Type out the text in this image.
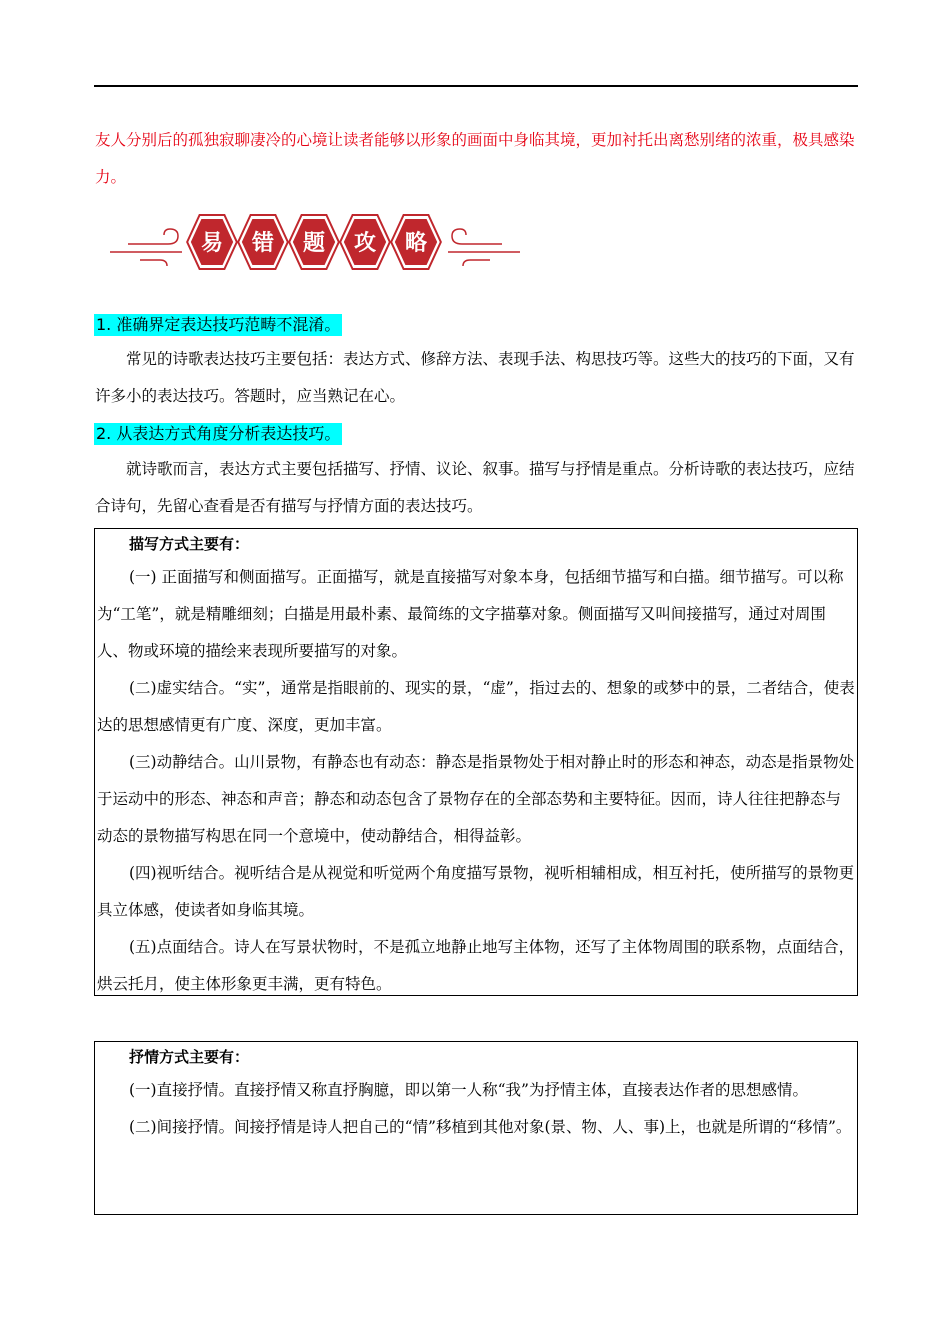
友人分别后的孤独寂聊凄冷的心境让读者能够以形象的画面中身临其境，更加衬托出离愁别绪的浓重，极具感染力。

易 错 题 攻 略
1. 准确界定表达技巧范畴不混淆。

常见的诗歌表达技巧主要包括：表达方式、修辞方法、表现手法、构思技巧等。这些大的技巧的下面，又有许多小的表达技巧。答题时，应当熟记在心。

2. 从表达方式角度分析表达技巧。

就诗歌而言，表达方式主要包括描写、抒情、议论、叙事。描写与抒情是重点。分析诗歌的表达技巧，应结合诗句，先留心查看是否有描写与抒情方面的表达技巧。

描写方式主要有：

(一) 正面描写和侧面描写。正面描写，就是直接描写对象本身，包括细节描写和白描。细节描写。可以称为“工笔”，就是精雕细刻；白描是用最朴素、最简练的文字描摹对象。侧面描写又叫间接描写，通过对周围人、物或环境的描绘来表现所要描写的对象。

(二)虚实结合。“实”，通常是指眼前的、现实的景，“虚”，指过去的、想象的或梦中的景，二者结合，使表达的思想感情更有广度、深度，更加丰富。

(三)动静结合。山川景物，有静态也有动态：静态是指景物处于相对静止时的形态和神态，动态是指景物处于运动中的形态、神态和声音；静态和动态包含了景物存在的全部态势和主要特征。因而，诗人往往把静态与动态的景物描写构思在同一个意境中，使动静结合，相得益彰。

(四)视听结合。视听结合是从视觉和听觉两个角度描写景物，视听相辅相成，相互衬托，使所描写的景物更具立体感，使读者如身临其境。

(五)点面结合。诗人在写景状物时，不是孤立地静止地写主体物，还写了主体物周围的联系物，点面结合，烘云托月，使主体形象更丰满，更有特色。

抒情方式主要有：

(一)直接抒情。直接抒情又称直抒胸臆，即以第一人称“我”为抒情主体，直接表达作者的思想感情。

(二)间接抒情。间接抒情是诗人把自己的“情”移植到其他对象(景、物、人、事)上，也就是所谓的“移情”。
